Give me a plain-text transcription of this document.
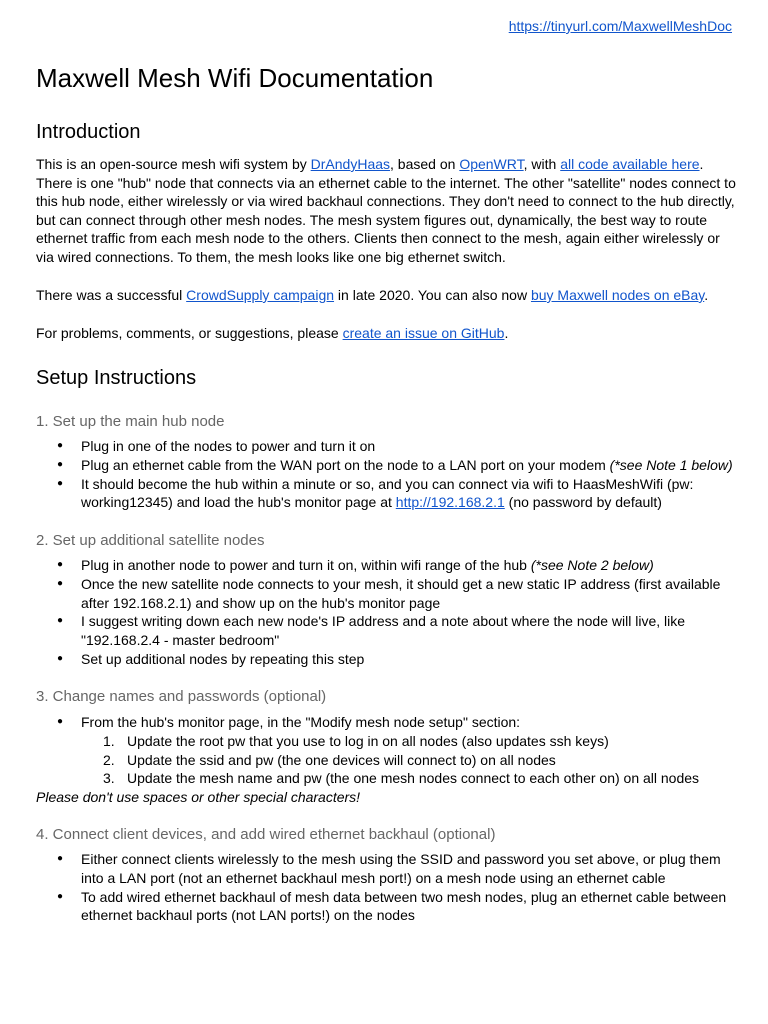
https://tinyurl.com/MaxwellMeshDoc
Maxwell Mesh Wifi Documentation
Introduction

This is an open-source mesh wifi system by DrAndyHaas, based on OpenWRT, with all code available here. There is one "hub" node that connects via an ethernet cable to the internet. The other "satellite" nodes connect to this hub node, either wirelessly or via wired backhaul connections. They don't need to connect to the hub directly, but can connect through other mesh nodes. The mesh system figures out, dynamically, the best way to route ethernet traffic from each mesh node to the others. Clients then connect to the mesh, again either wirelessly or via wired connections. To them, the mesh looks like one big ethernet switch.

There was a successful CrowdSupply campaign in late 2020. You can also now buy Maxwell nodes on eBay.

For problems, comments, or suggestions, please create an issue on GitHub.

Setup Instructions
1. Set up the main hub node
● Plug in one of the nodes to power and turn it on
● Plug an ethernet cable from the WAN port on the node to a LAN port on your modem (*see Note 1 below)
● It should become the hub within a minute or so, and you can connect via wifi to HaasMeshWifi (pw: working12345) and load the hub's monitor page at http://192.168.2.1 (no password by default)
2. Set up additional satellite nodes
● Plug in another node to power and turn it on, within wifi range of the hub (*see Note 2 below)
● Once the new satellite node connects to your mesh, it should get a new static IP address (first available after 192.168.2.1) and show up on the hub's monitor page
● I suggest writing down each new node's IP address and a note about where the node will live, like "192.168.2.4 - master bedroom"
● Set up additional nodes by repeating this step
3. Change names and passwords (optional)
● From the hub's monitor page, in the "Modify mesh node setup" section:
1. Update the root pw that you use to log in on all nodes (also updates ssh keys)
2. Update the ssid and pw (the one devices will connect to) on all nodes
3. Update the mesh name and pw (the one mesh nodes connect to each other on) on all nodes

Please don't use spaces or other special characters!

4. Connect client devices, and add wired ethernet backhaul (optional)
● Either connect clients wirelessly to the mesh using the SSID and password you set above, or plug them into a LAN port (not an ethernet backhaul mesh port!) on a mesh node using an ethernet cable
● To add wired ethernet backhaul of mesh data between two mesh nodes, plug an ethernet cable between ethernet backhaul ports (not LAN ports!) on the nodes
